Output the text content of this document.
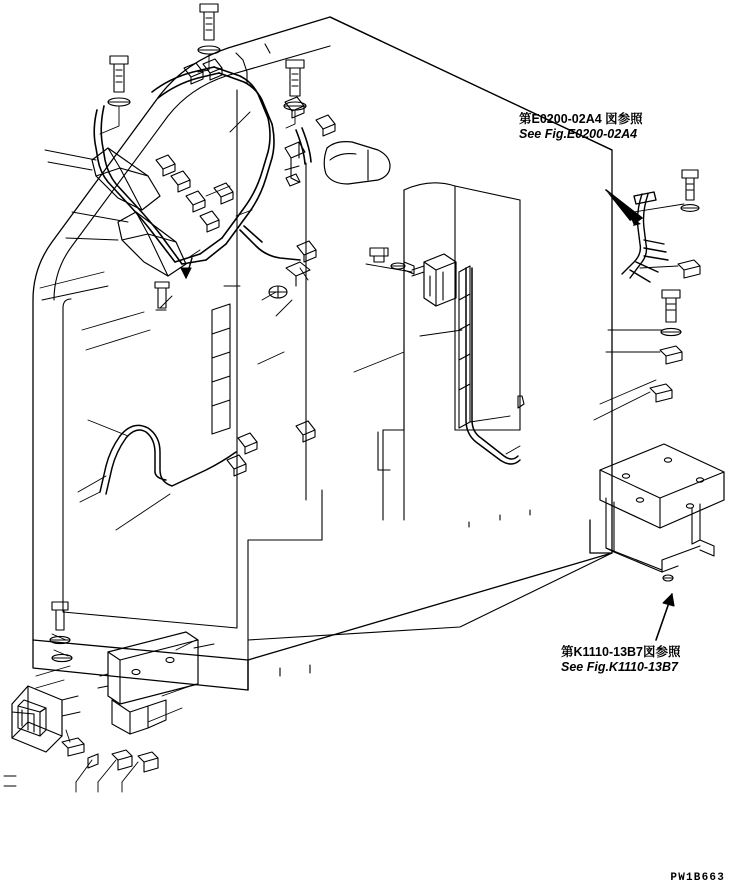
第E0200-02A4 図参照
See Fig.E0200-02A4
第K1110-13B7図参照
See Fig.K1110-13B7
PW1B663
